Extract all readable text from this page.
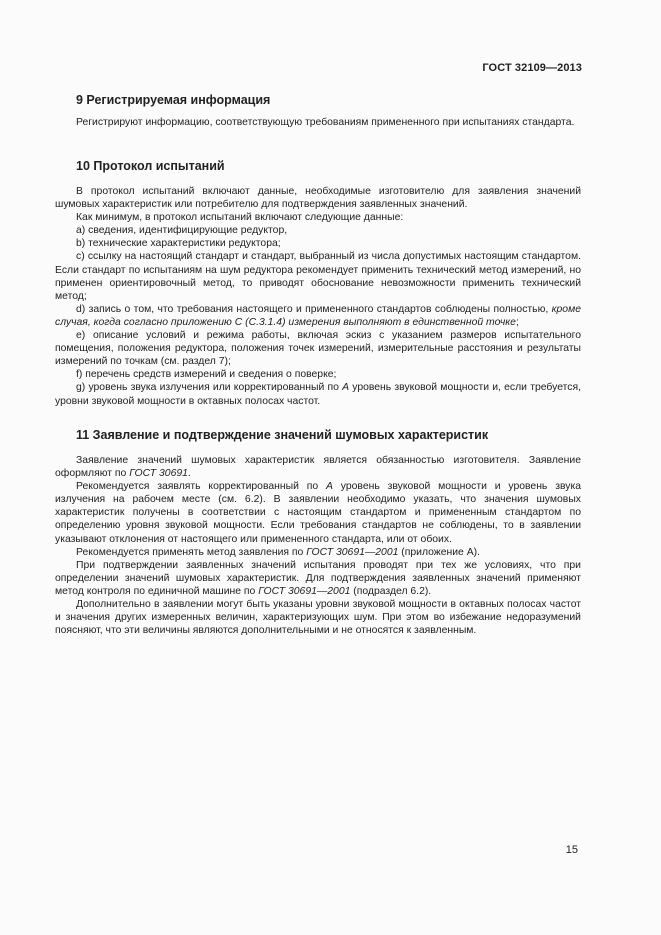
ГОСТ 32109—2013
9 Регистрируемая информация

Регистрируют информацию, соответствующую требованиям примененного при испытаниях стандарта.

10 Протокол испытаний

В протокол испытаний включают данные, необходимые изготовителю для заявления значений шумовых характеристик или потребителю для подтверждения заявленных значений.

Как минимум, в протокол испытаний включают следующие данные:

a) сведения, идентифицирующие редуктор,

b) технические характеристики редуктора;

c) ссылку на настоящий стандарт и стандарт, выбранный из числа допустимых настоящим стандартом. Если стандарт по испытаниям на шум редуктора рекомендует применить технический метод измерений, но применен ориентировочный метод, то приводят обоснование невозможности применить технический метод;

d) запись о том, что требования настоящего и примененного стандартов соблюдены полностью, кроме случая, когда согласно приложению С (С.3.1.4) измерения выполняют в единственной точке;

e) описание условий и режима работы, включая эскиз с указанием размеров испытательного помещения, положения редуктора, положения точек измерений, измерительные расстояния и результаты измерений по точкам (см. раздел 7);

f) перечень средств измерений и сведения о поверке;

g) уровень звука излучения или корректированный по А уровень звуковой мощности и, если требуется, уровни звуковой мощности в октавных полосах частот.

11 Заявление и подтверждение значений шумовых характеристик

Заявление значений шумовых характеристик является обязанностью изготовителя. Заявление оформляют по ГОСТ 30691.

Рекомендуется заявлять корректированный по А уровень звуковой мощности и уровень звука излучения на рабочем месте (см. 6.2). В заявлении необходимо указать, что значения шумовых характеристик получены в соответствии с настоящим стандартом и примененным стандартом по определению уровня звуковой мощности. Если требования стандартов не соблюдены, то в заявлении указывают отклонения от настоящего или примененного стандарта, или от обоих.

Рекомендуется применять метод заявления по ГОСТ 30691—2001 (приложение А).

При подтверждении заявленных значений испытания проводят при тех же условиях, что при определении значений шумовых характеристик. Для подтверждения заявленных значений применяют метод контроля по единичной машине по ГОСТ 30691—2001 (подраздел 6.2).

Дополнительно в заявлении могут быть указаны уровни звуковой мощности в октавных полосах частот и значения других измеренных величин, характеризующих шум. При этом во избежание недоразумений поясняют, что эти величины являются дополнительными и не относятся к заявленным.

15
